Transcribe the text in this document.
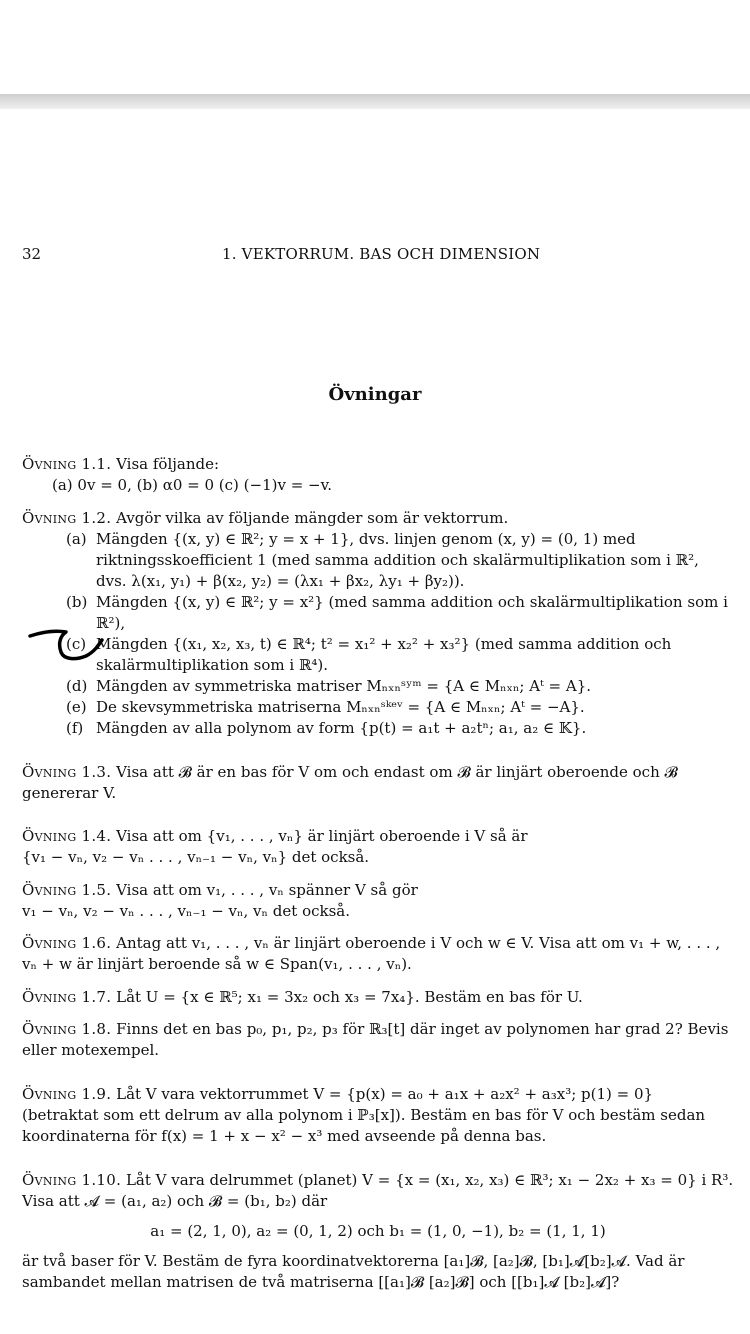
32	1. VEKTORRUM. BAS OCH DIMENSION
Övningar
Övning 1.1. Visa följande:
(a) 0v = 0, (b) α0 = 0 (c) (−1)v = −v.
Övning 1.2. Avgör vilka av följande mängder som är vektorrum.
(a) Mängden {(x, y) ∈ ℝ²; y = x + 1}, dvs. linjen genom (x, y) = (0, 1) med riktningsskoefficient 1 (med samma addition och skalärmultiplikation som i ℝ², dvs. λ(x₁, y₁) + β(x₂, y₂) = (λx₁ + βx₂, λy₁ + βy₂)).
(b) Mängden {(x, y) ∈ ℝ²; y = x²} (med samma addition och skalärmultiplikation som i ℝ²),
(c) Mängden {(x₁, x₂, x₃, t) ∈ ℝ⁴; t² = x₁² + x₂² + x₃²} (med samma addition och skalärmultiplikation som i ℝ⁴).
(d) Mängden av symmetriska matriser Mₙₓₙˢʸᵐ = {A ∈ Mₙₓₙ; Aᵗ = A}.
(e) De skevsymmetriska matriserna Mₙₓₙˢᵏᵉᵛ = {A ∈ Mₙₓₙ; Aᵗ = −A}.
(f) Mängden av alla polynom av form {p(t) = a₁t + a₂tⁿ; a₁, a₂ ∈ 𝕂}.
Övning 1.3. Visa att 𝓑 är en bas för V om och endast om 𝓑 är linjärt oberoende och 𝓑 genererar V.
Övning 1.4. Visa att om {v₁, . . . , vₙ} är linjärt oberoende i V så är
{v₁ − vₙ, v₂ − vₙ . . . , vₙ₋₁ − vₙ, vₙ} det också.
Övning 1.5. Visa att om v₁, . . . , vₙ spänner V så gör
v₁ − vₙ, v₂ − vₙ . . . , vₙ₋₁ − vₙ, vₙ det också.
Övning 1.6. Antag att v₁, . . . , vₙ är linjärt oberoende i V och w ∈ V. Visa att om v₁ + w, . . . , vₙ + w är linjärt beroende så w ∈ Span(v₁, . . . , vₙ).
Övning 1.7. Låt U = {x ∈ ℝ⁵; x₁ = 3x₂ och x₃ = 7x₄}. Bestäm en bas för U.
Övning 1.8. Finns det en bas p₀, p₁, p₂, p₃ för ℝ₃[t] där inget av polynomen har grad 2? Bevis eller motexempel.
Övning 1.9. Låt V vara vektorrummet V = {p(x) = a₀ + a₁x + a₂x² + a₃x³; p(1) = 0} (betraktat som ett delrum av alla polynom i ℙ₃[x]). Bestäm en bas för V och bestäm sedan koordinaterna för f(x) = 1 + x − x² − x³ med avseende på denna bas.
Övning 1.10. Låt V vara delrummet (planet) V = {x = (x₁, x₂, x₃) ∈ ℝ³; x₁ − 2x₂ + x₃ = 0} i R³. Visa att 𝓐 = (a₁, a₂) och 𝓑 = (b₁, b₂) där
a₁ = (2, 1, 0), a₂ = (0, 1, 2) och b₁ = (1, 0, −1), b₂ = (1, 1, 1)
är två baser för V. Bestäm de fyra koordinatvektorerna [a₁]𝓑, [a₂]𝓑, [b₁]𝓐[b₂]𝓐. Vad är sambandet mellan matrisen de två matriserna [[a₁]𝓑 [a₂]𝓑] och [[b₁]𝓐 [b₂]𝓐]?
